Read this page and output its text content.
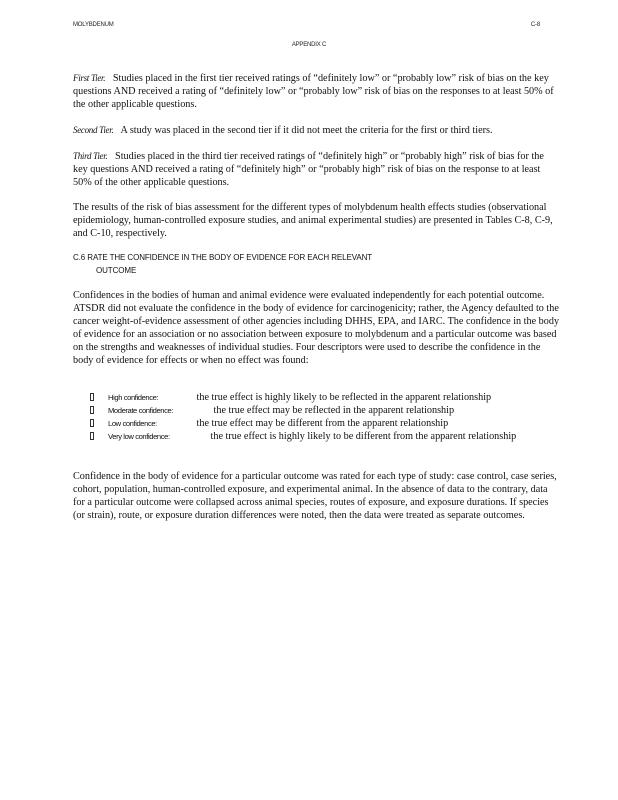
MOLYBDENUM	C-8
APPENDIX C
First Tier. Studies placed in the first tier received ratings of “definitely low” or “probably low” risk of bias on the key questions AND received a rating of “definitely low” or “probably low” risk of bias on the responses to at least 50% of the other applicable questions.
Second Tier. A study was placed in the second tier if it did not meet the criteria for the first or third tiers.
Third Tier. Studies placed in the third tier received ratings of “definitely high” or “probably high” risk of bias for the key questions AND received a rating of “definitely high” or “probably high” risk of bias on the response to at least 50% of the other applicable questions.

The results of the risk of bias assessment for the different types of molybdenum health effects studies (observational epidemiology, human-controlled exposure studies, and animal experimental studies) are presented in Tables C-8, C-9, and C-10, respectively.

C.6 RATE THE CONFIDENCE IN THE BODY OF EVIDENCE FOR EACH RELEVANT
OUTCOME

Confidences in the bodies of human and animal evidence were evaluated independently for each potential outcome. ATSDR did not evaluate the confidence in the body of evidence for carcinogenicity; rather, the Agency defaulted to the cancer weight-of-evidence assessment of other agencies including DHHS, EPA, and IARC. The confidence in the body of evidence for an association or no association between exposure to molybdenum and a particular outcome was based on the strengths and weaknesses of individual studies. Four descriptors were used to describe the confidence in the body of evidence for effects or when no effect was found:

High confidence:	the true effect is highly likely to be reflected in the apparent relationship
Moderate confidence:	the true effect may be reflected in the apparent relationship
Low confidence:	the true effect may be different from the apparent relationship
Very low confidence:	the true effect is highly likely to be different from the apparent relationship

Confidence in the body of evidence for a particular outcome was rated for each type of study: case control, case series, cohort, population, human-controlled exposure, and experimental animal. In the absence of data to the contrary, data for a particular outcome were collapsed across animal species, routes of exposure, and exposure durations. If species (or strain), route, or exposure duration differences were noted, then the data were treated as separate outcomes.
